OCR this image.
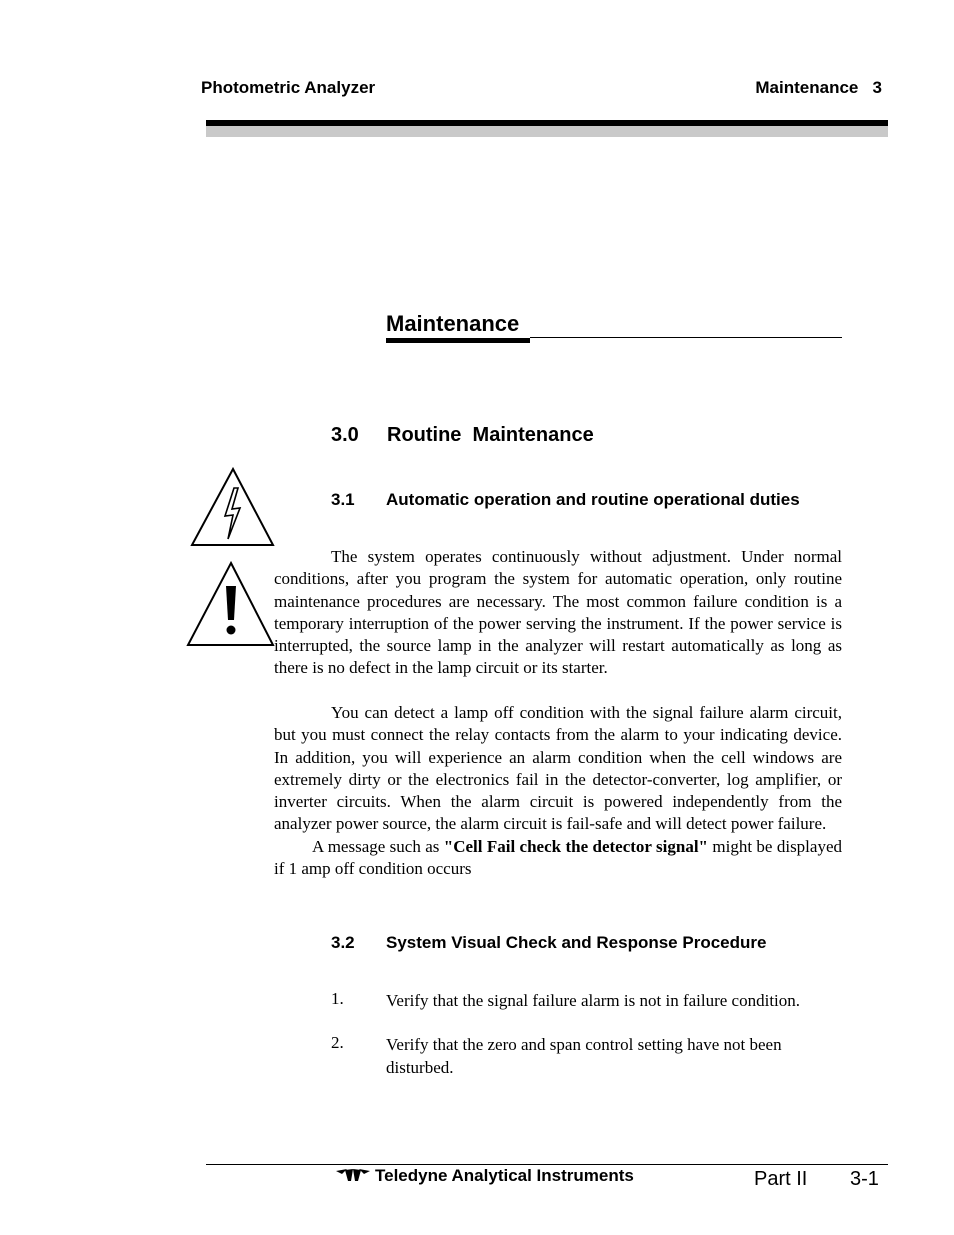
Photometric Analyzer	Maintenance   3
Maintenance
3.0 Routine  Maintenance
3.1 Automatic operation and routine operational duties

The system operates continuously without adjustment. Under normal conditions, after you program the system for automatic operation, only routine maintenance procedures are necessary. The most common failure condition is a temporary interruption of the power serving the instrument. If the power service is interrupted, the source lamp in the analyzer will restart automatically as long as there is no defect in the lamp circuit or its starter.

You can detect a lamp off condition with the signal failure alarm circuit, but you must connect the relay contacts from the alarm to your indicating device. In addition, you will experience an alarm condition when the cell windows are extremely dirty or the electronics fail in the detector-converter, log amplifier, or inverter circuits. When the alarm circuit is powered independently from the analyzer power source, the alarm circuit is fail-safe and will detect power failure.
A message such as "Cell Fail check the detector signal" might be displayed if 1 amp off condition occurs

3.2 System Visual Check and Response Procedure
1. Verify that the signal failure alarm is not in failure condition.
2. Verify that the zero and span control setting have not been disturbed.
Teledyne Analytical Instruments	Part II 3-1
